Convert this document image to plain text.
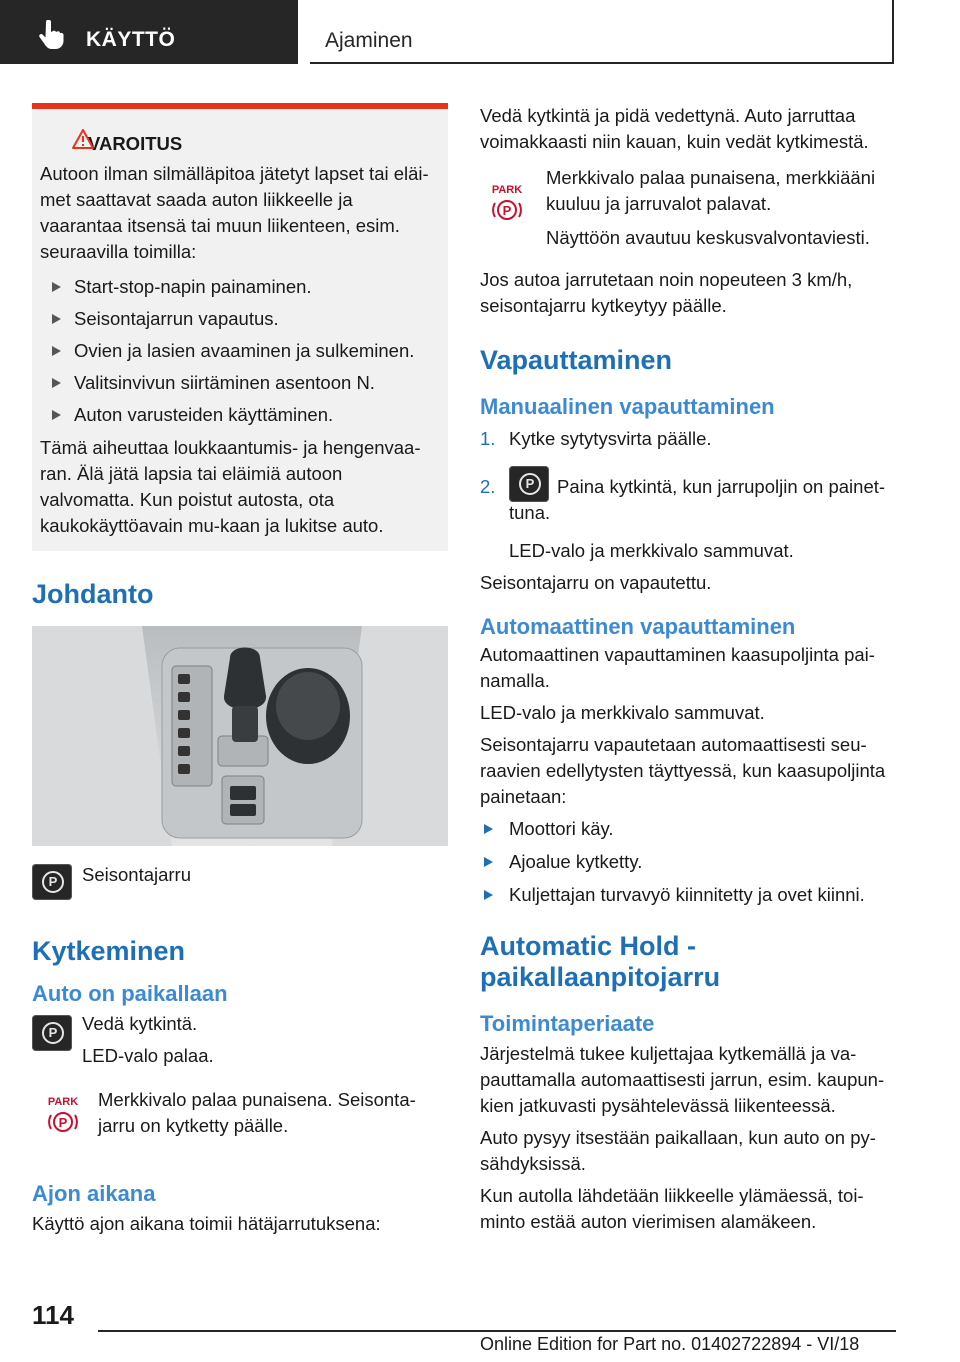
KÄYTTÖ	Ajaminen
VAROITUS

Autoon ilman silmälläpitoa jätetyt lapset tai eläi-met saattavat saada auton liikkeelle ja vaarantaa itsensä tai muun liikenteen, esim. seuraavilla toimilla:

Start-stop-napin painaminen.
Seisontajarrun vapautus.
Ovien ja lasien avaaminen ja sulkeminen.
Valitsinvivun siirtäminen asentoon N.
Auton varusteiden käyttäminen.

Tämä aiheuttaa loukkaantumis- ja hengenvaa-ran. Älä jätä lapsia tai eläimiä autoon valvomatta. Kun poistut autosta, ota kaukokäyttöavain mu-kaan ja lukitse auto.

Johdanto
P	Seisontajarru

Kytkeminen
Auto on paikallaan
P	Vedä kytkintä.

LED-valo palaa.

PARK
P

Merkkivalo palaa punaisena. Seisonta-jarru on kytketty päälle.

Ajon aikana

Käyttö ajon aikana toimii hätäjarrutuksena:

Vedä kytkintä ja pidä vedettynä. Auto jarruttaa voimakkaasti niin kauan, kuin vedät kytkimestä.

PARK
P

Merkkivalo palaa punaisena, merkkiääni kuuluu ja jarruvalot palavat.

Näyttöön avautuu keskusvalvontaviesti.

Jos autoa jarrutetaan noin nopeuteen 3 km/h, seisontajarru kytkeytyy päälle.

Vapauttaminen
Manuaalinen vapauttaminen

1. Kytke sytytysvirta päälle.

2.	P	Paina kytkintä, kun jarrupoljin on painet-tuna.

LED-valo ja merkkivalo sammuvat.

Seisontajarru on vapautettu.

Automaattinen vapauttaminen

Automaattinen vapauttaminen kaasupoljinta pai-namalla.

LED-valo ja merkkivalo sammuvat.

Seisontajarru vapautetaan automaattisesti seu-raavien edellytysten täyttyessä, kun kaasupoljinta painetaan:

Moottori käy.
Ajoalue kytketty.
Kuljettajan turvavyö kiinnitetty ja ovet kiinni.
Automatic Hold - paikallaanpitojarru
Toimintaperiaate

Järjestelmä tukee kuljettajaa kytkemällä ja va-pauttamalla automaattisesti jarrun, esim. kaupun-kien jatkuvasti pysähtelevässä liikenteessä.

Auto pysyy itsestään paikallaan, kun auto on py-sähdyksissä.

Kun autolla lähdetään liikkeelle ylämäessä, toi-minto estää auton vierimisen alamäkeen.

114
Online Edition for Part no. 01402722894 - VI/18
